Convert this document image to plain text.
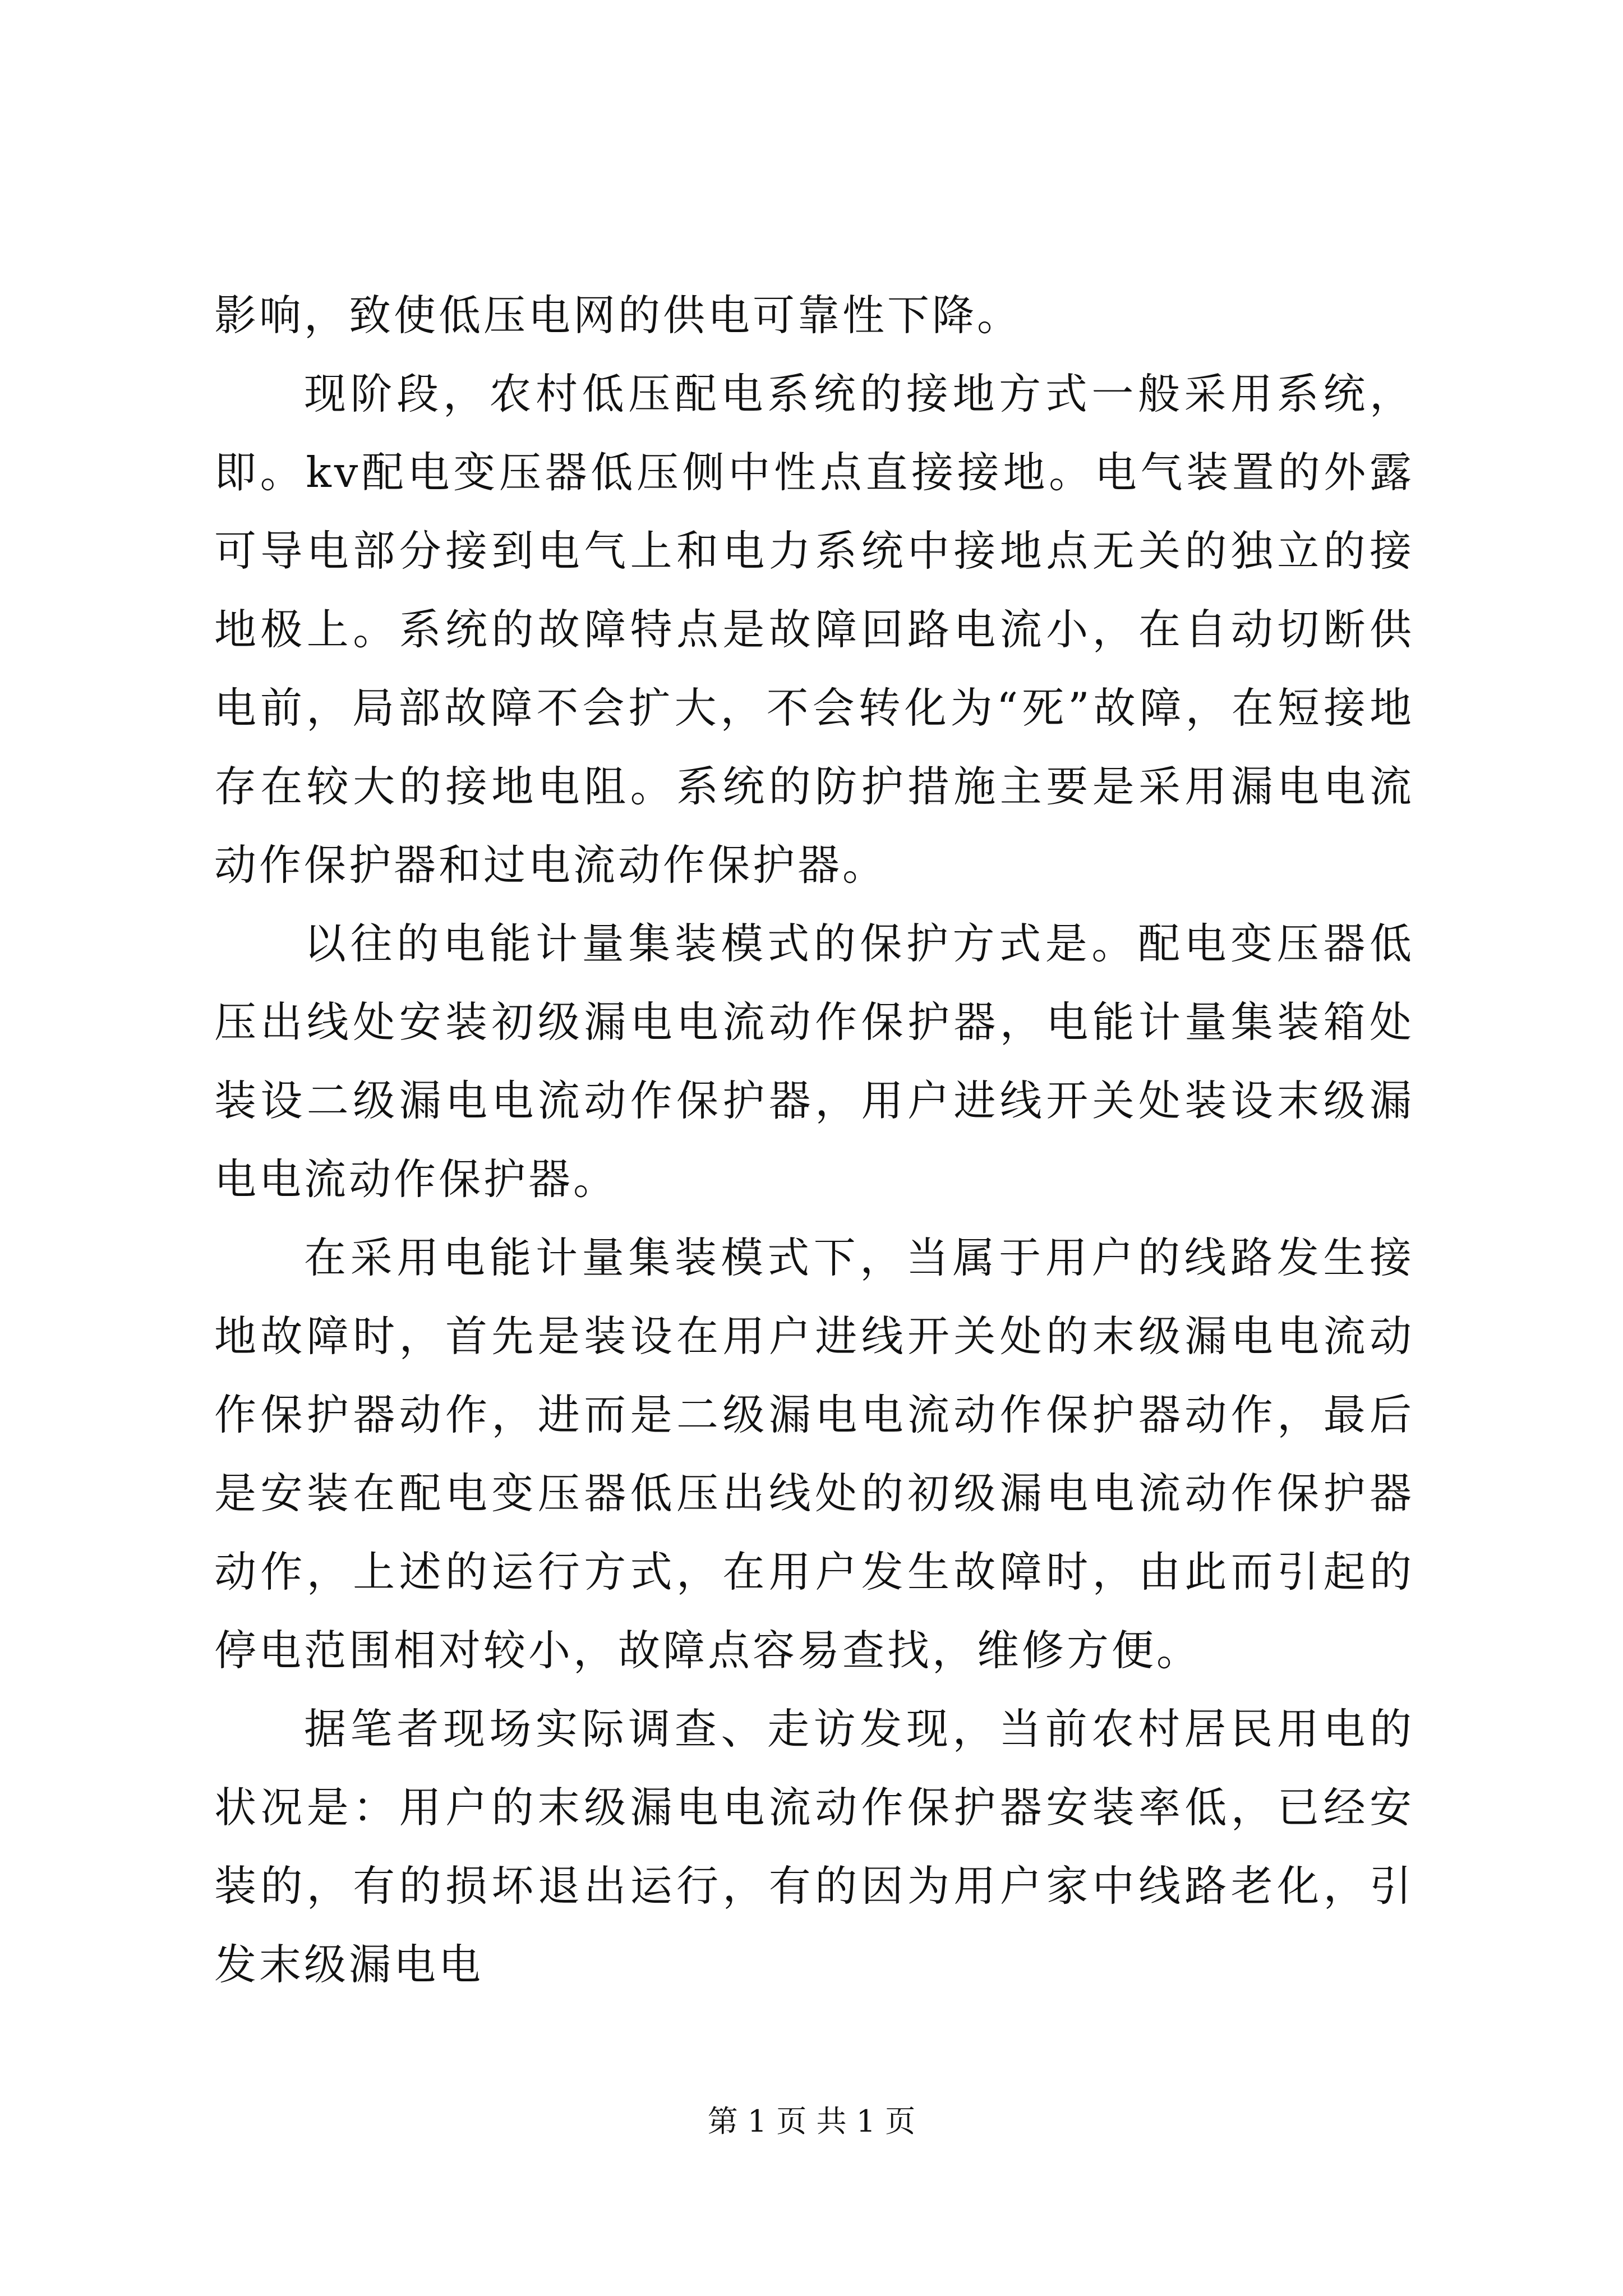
影响，致使低压电网的供电可靠性下降。

现阶段，农村低压配电系统的接地方式一般采用系统，即。kv配电变压器低压侧中性点直接接地。电气装置的外露可导电部分接到电气上和电力系统中接地点无关的独立的接地极上。系统的故障特点是故障回路电流小，在自动切断供电前，局部故障不会扩大，不会转化为“死”故障，在短接地存在较大的接地电阻。系统的防护措施主要是采用漏电电流动作保护器和过电流动作保护器。

以往的电能计量集装模式的保护方式是。配电变压器低压出线处安装初级漏电电流动作保护器，电能计量集装箱处装设二级漏电电流动作保护器，用户进线开关处装设末级漏电电流动作保护器。

在采用电能计量集装模式下，当属于用户的线路发生接地故障时，首先是装设在用户进线开关处的末级漏电电流动作保护器动作，进而是二级漏电电流动作保护器动作，最后是安装在配电变压器低压出线处的初级漏电电流动作保护器动作，上述的运行方式，在用户发生故障时，由此而引起的停电范围相对较小，故障点容易查找，维修方便。

据笔者现场实际调查、走访发现，当前农村居民用电的状况是：用户的末级漏电电流动作保护器安装率低，已经安装的，有的损坏退出运行，有的因为用户家中线路老化，引发末级漏电电

第 1 页 共 1 页
